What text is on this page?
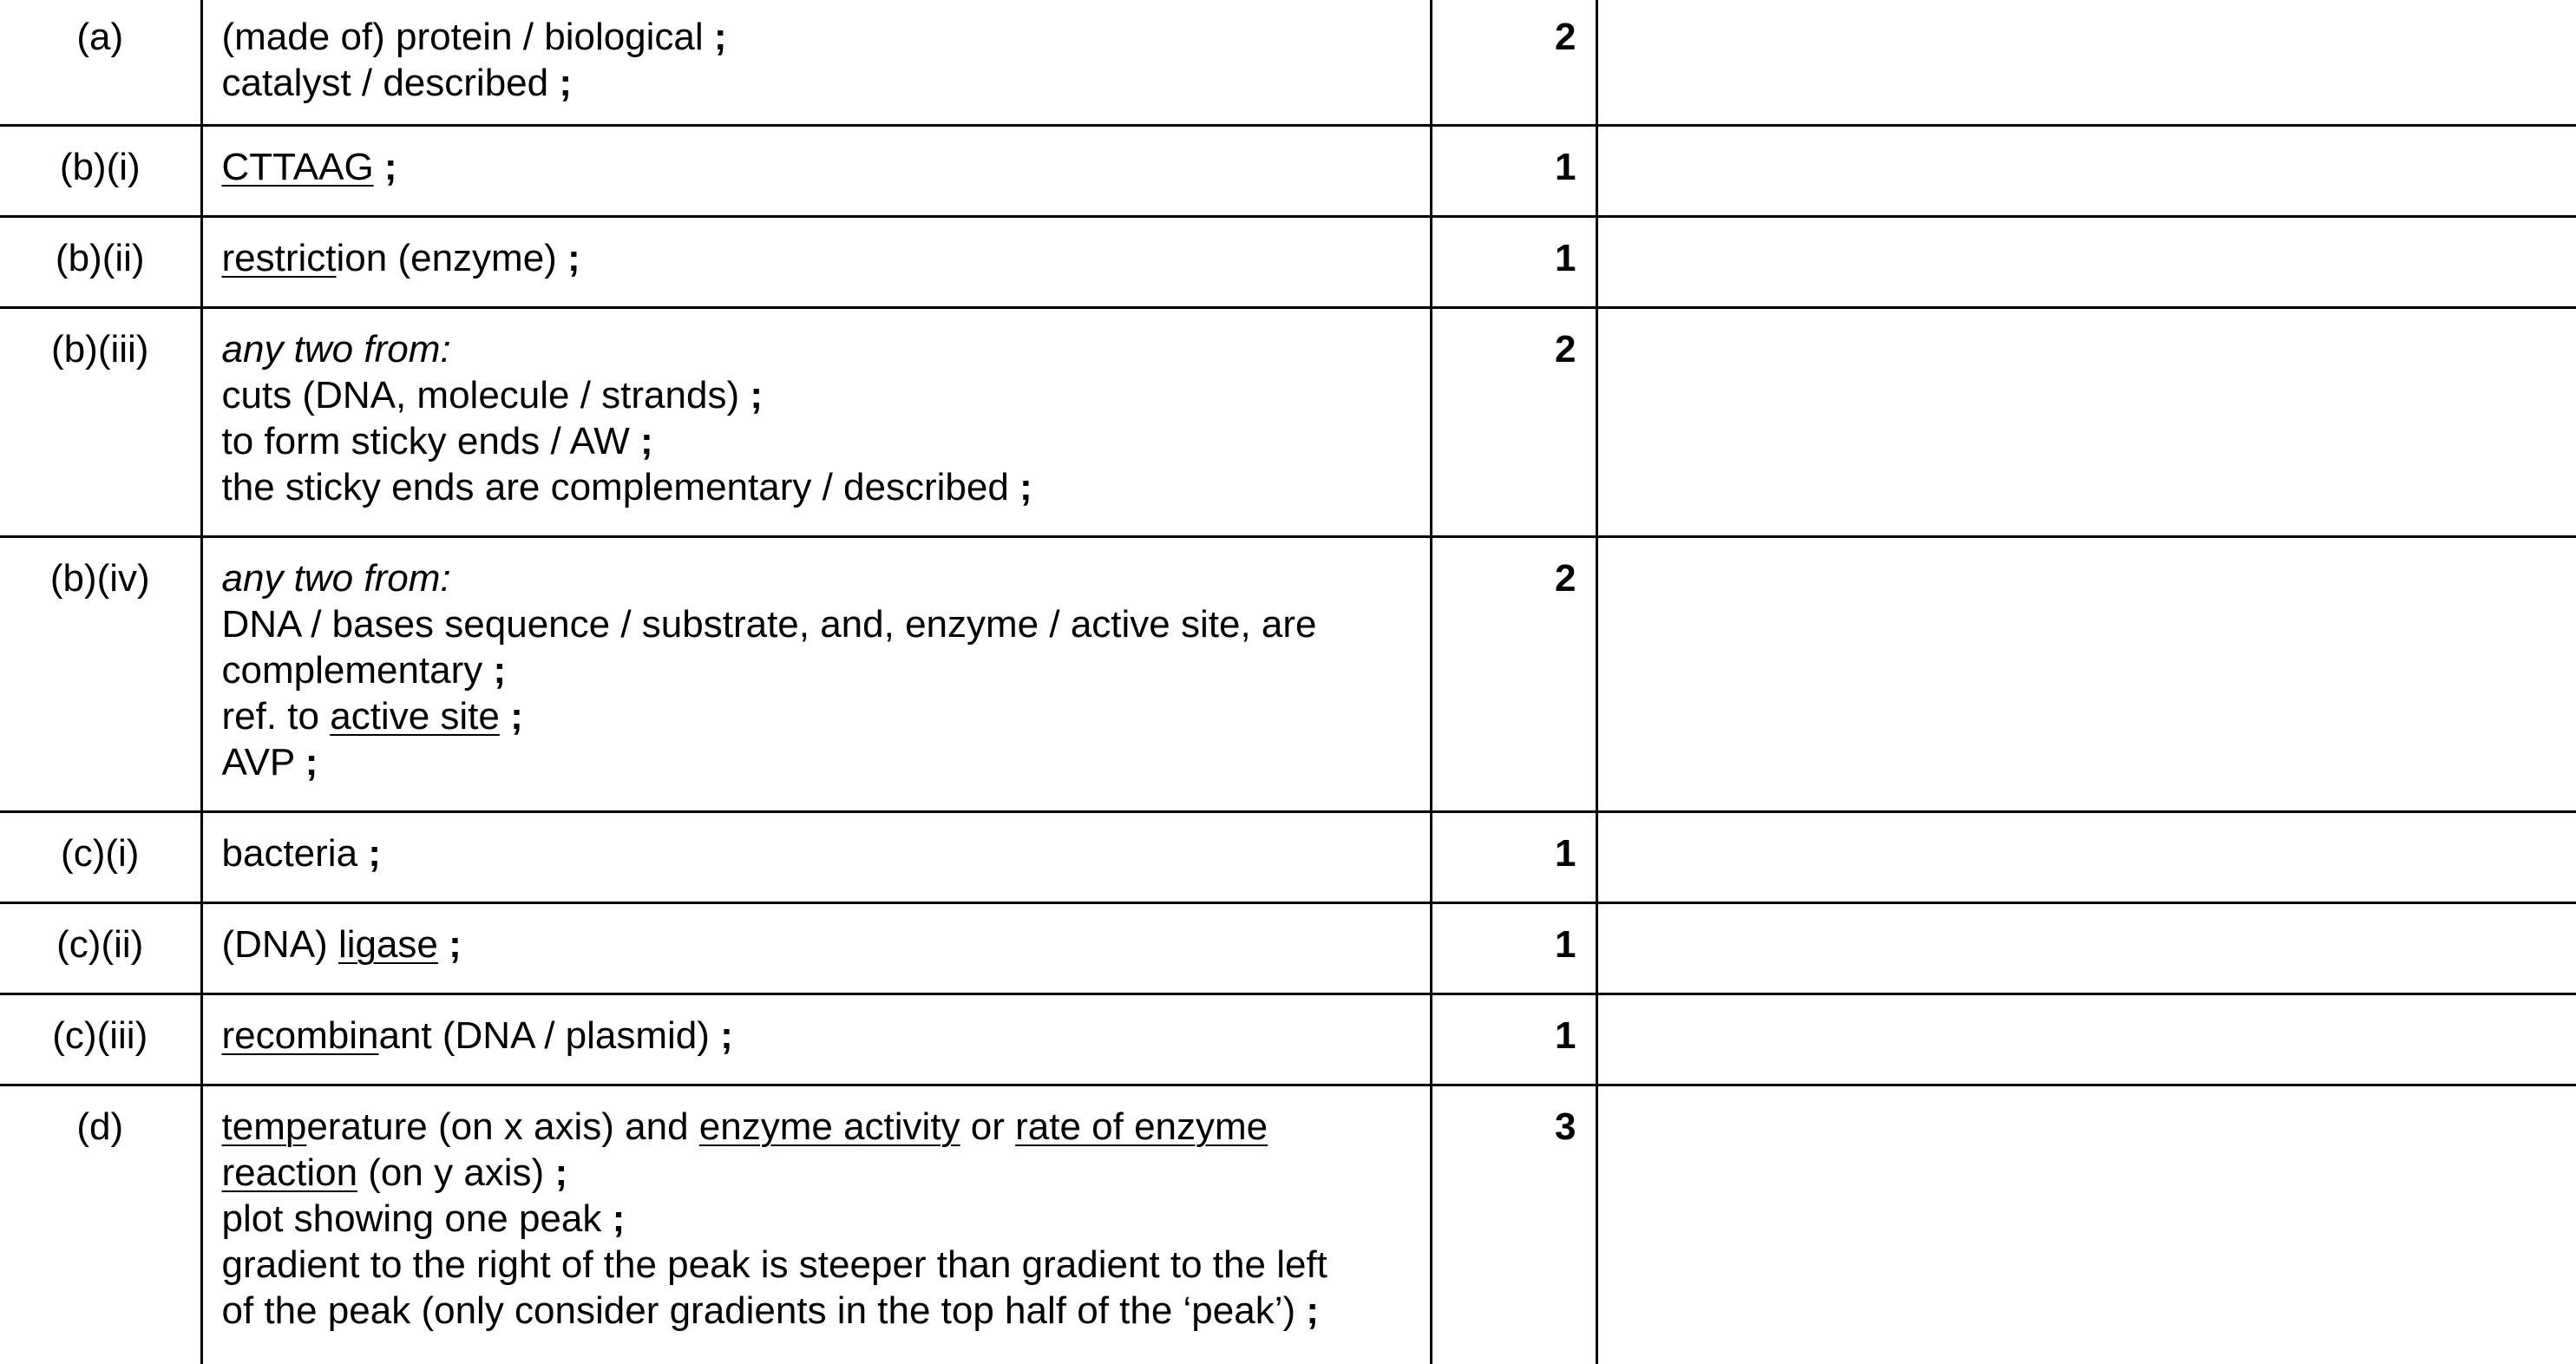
(a)	(made of) protein / biological ;
catalyst / described ;	2	
(b)(i)	CTTAAG ;	1	
(b)(ii)	restriction (enzyme) ;	1	
(b)(iii)	any two from:
cuts (DNA, molecule / strands) ;
to form sticky ends / AW ;
the sticky ends are complementary / described ;	2	
(b)(iv)	any two from:
DNA / bases sequence / substrate, and, enzyme / active site, are
complementary ;
ref. to active site ;
AVP ;	2	
(c)(i)	bacteria ;	1	
(c)(ii)	(DNA) ligase ;	1	
(c)(iii)	recombinant (DNA / plasmid) ;	1	
(d)	temperature (on x axis) and enzyme activity or rate of enzyme
reaction (on y axis) ;
plot showing one peak ;
gradient to the right of the peak is steeper than gradient to the left
of the peak (only consider gradients in the top half of the ‘peak’) ;	3	
